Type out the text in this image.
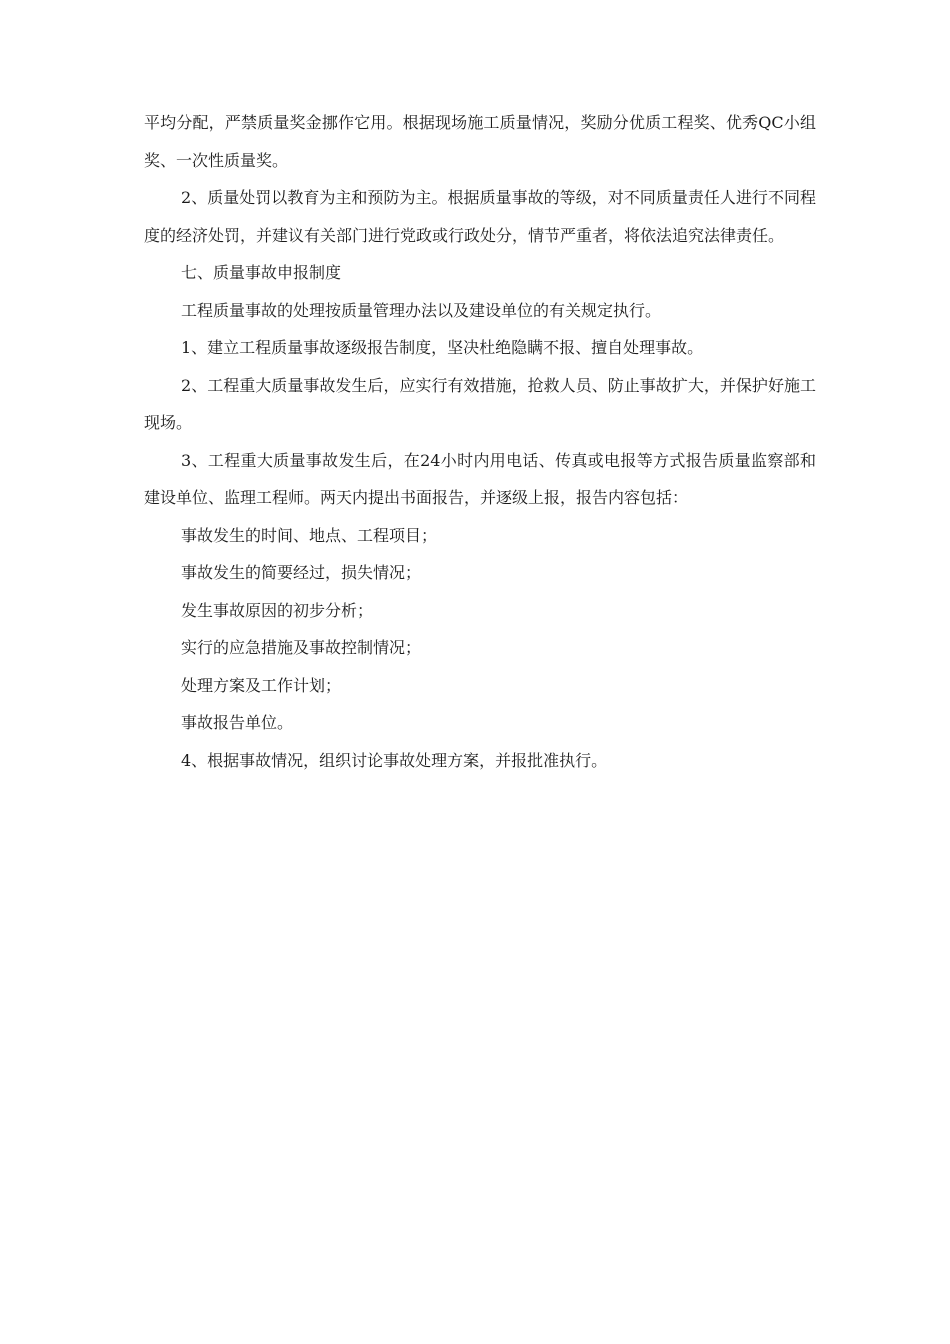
平均分配，严禁质量奖金挪作它用。根据现场施工质量情况，奖励分优质工程奖、优秀QC小组奖、一次性质量奖。

2、质量处罚以教育为主和预防为主。根据质量事故的等级，对不同质量责任人进行不同程度的经济处罚，并建议有关部门进行党政或行政处分，情节严重者，将依法追究法律责任。

七、质量事故申报制度

工程质量事故的处理按质量管理办法以及建设单位的有关规定执行。

1、建立工程质量事故逐级报告制度，坚决杜绝隐瞒不报、擅自处理事故。

2、工程重大质量事故发生后，应实行有效措施，抢救人员、防止事故扩大，并保护好施工现场。

3、工程重大质量事故发生后，在24小时内用电话、传真或电报等方式报告质量监察部和建设单位、监理工程师。两天内提出书面报告，并逐级上报，报告内容包括：

事故发生的时间、地点、工程项目；

事故发生的简要经过，损失情况；

发生事故原因的初步分析；

实行的应急措施及事故控制情况；

处理方案及工作计划；

事故报告单位。

4、根据事故情况，组织讨论事故处理方案，并报批准执行。
